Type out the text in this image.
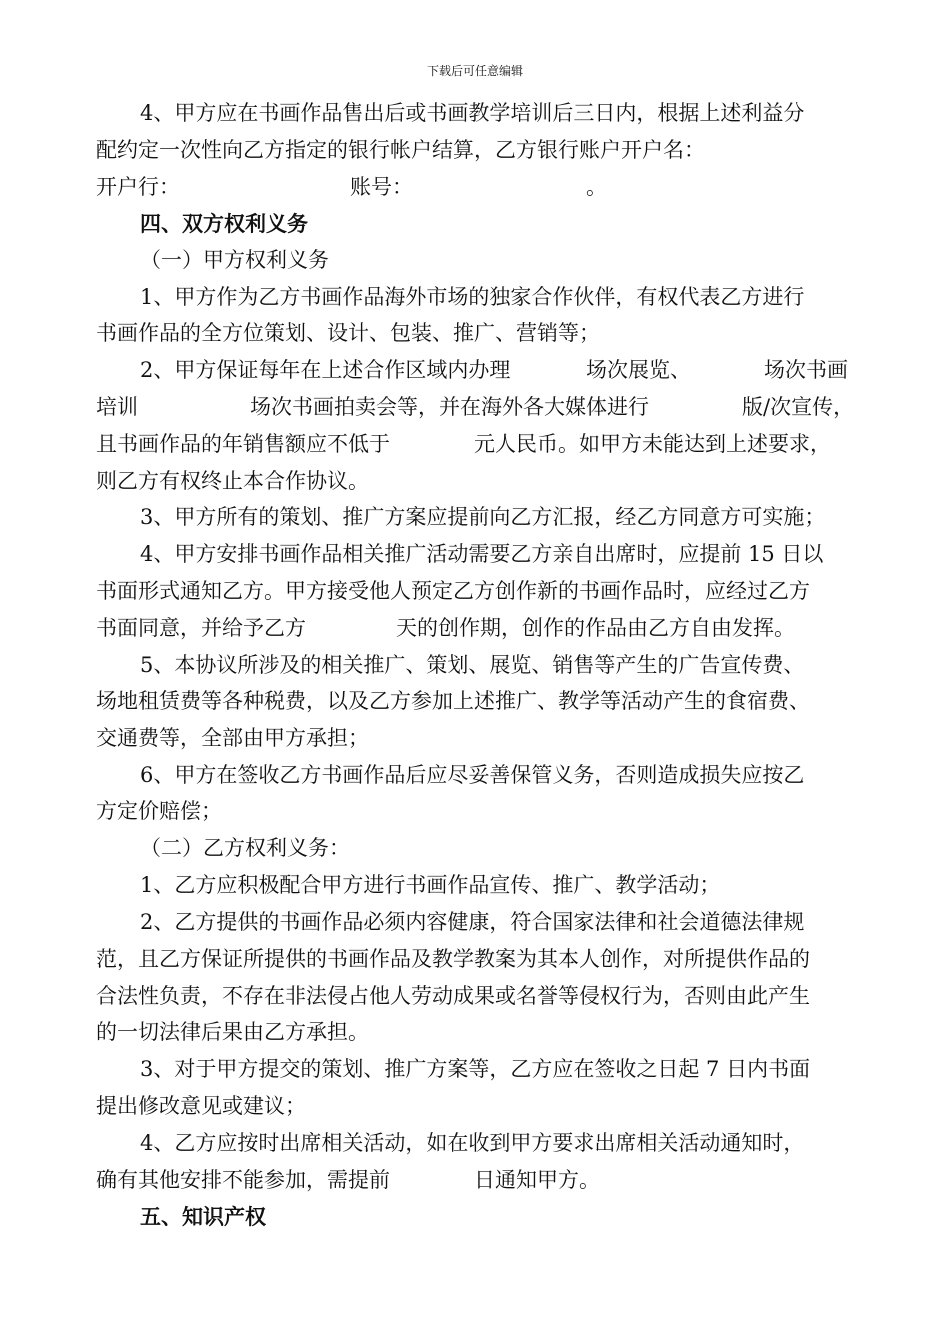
下载后可任意编辑
4、甲方应在书画作品售出后或书画教学培训后三日内，根据上述利益分
配约定一次性向乙方指定的银行帐户结算，乙方银行账户开户名：
开户行：	账号：	。
四、双方权利义务
（一）甲方权利义务
1、甲方作为乙方书画作品海外市场的独家合作伙伴，有权代表乙方进行
书画作品的全方位策划、设计、包装、推广、营销等；
2、甲方保证每年在上述合作区域内办理	场次展览、	场次书画
培训	场次书画拍卖会等，并在海外各大媒体进行	版/次宣传，
且书画作品的年销售额应不低于	元人民币。如甲方未能达到上述要求，
则乙方有权终止本合作协议。
3、甲方所有的策划、推广方案应提前向乙方汇报，经乙方同意方可实施；
4、甲方安排书画作品相关推广活动需要乙方亲自出席时，应提前 15 日以
书面形式通知乙方。甲方接受他人预定乙方创作新的书画作品时，应经过乙方
书面同意，并给予乙方	天的创作期，创作的作品由乙方自由发挥。
5、本协议所涉及的相关推广、策划、展览、销售等产生的广告宣传费、
场地租赁费等各种税费，以及乙方参加上述推广、教学等活动产生的食宿费、
交通费等，全部由甲方承担；
6、甲方在签收乙方书画作品后应尽妥善保管义务，否则造成损失应按乙
方定价赔偿；
（二）乙方权利义务：
1、乙方应积极配合甲方进行书画作品宣传、推广、教学活动；
2、乙方提供的书画作品必须内容健康，符合国家法律和社会道德法律规
范，且乙方保证所提供的书画作品及教学教案为其本人创作，对所提供作品的
合法性负责，不存在非法侵占他人劳动成果或名誉等侵权行为，否则由此产生
的一切法律后果由乙方承担。
3、对于甲方提交的策划、推广方案等，乙方应在签收之日起 7 日内书面
提出修改意见或建议；
4、乙方应按时出席相关活动，如在收到甲方要求出席相关活动通知时，
确有其他安排不能参加，需提前	日通知甲方。
五、知识产权
